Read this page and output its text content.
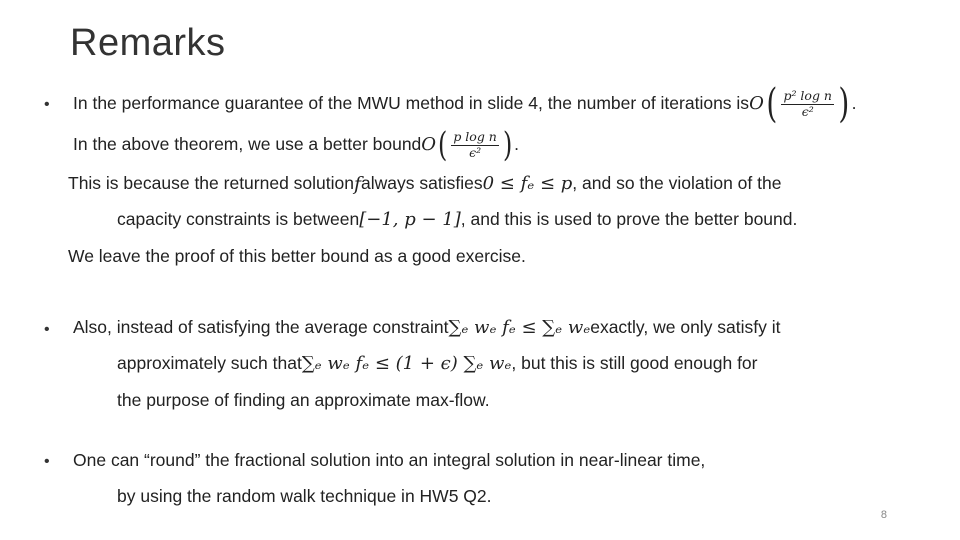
Remarks
• In the performance guarantee of the MWU method in slide 4, the number of iterations is O ( $\frac{\text{p² log n}}{\text{ϵ²}}$ ) .
In the above theorem, we use a better bound O ( $\frac{\text{p log n}}{\text{ϵ²}}$ ) .
This is because the returned solution f always satisfies 0 ≤ fₑ ≤ p , and so the violation of the
capacity constraints is between [−1, p − 1] , and this is used to prove the better bound.
We leave the proof of this better bound as a good exercise.
• Also, instead of satisfying the average constraint ∑ₑ wₑ fₑ ≤ ∑ₑ wₑ exactly, we only satisfy it
approximately such that ∑ₑ wₑ fₑ ≤ (1 + ϵ) ∑ₑ wₑ , but this is still good enough for
the purpose of finding an approximate max-flow.
• One can “round” the fractional solution into an integral solution in near-linear time,
by using the random walk technique in HW5 Q2.
8
